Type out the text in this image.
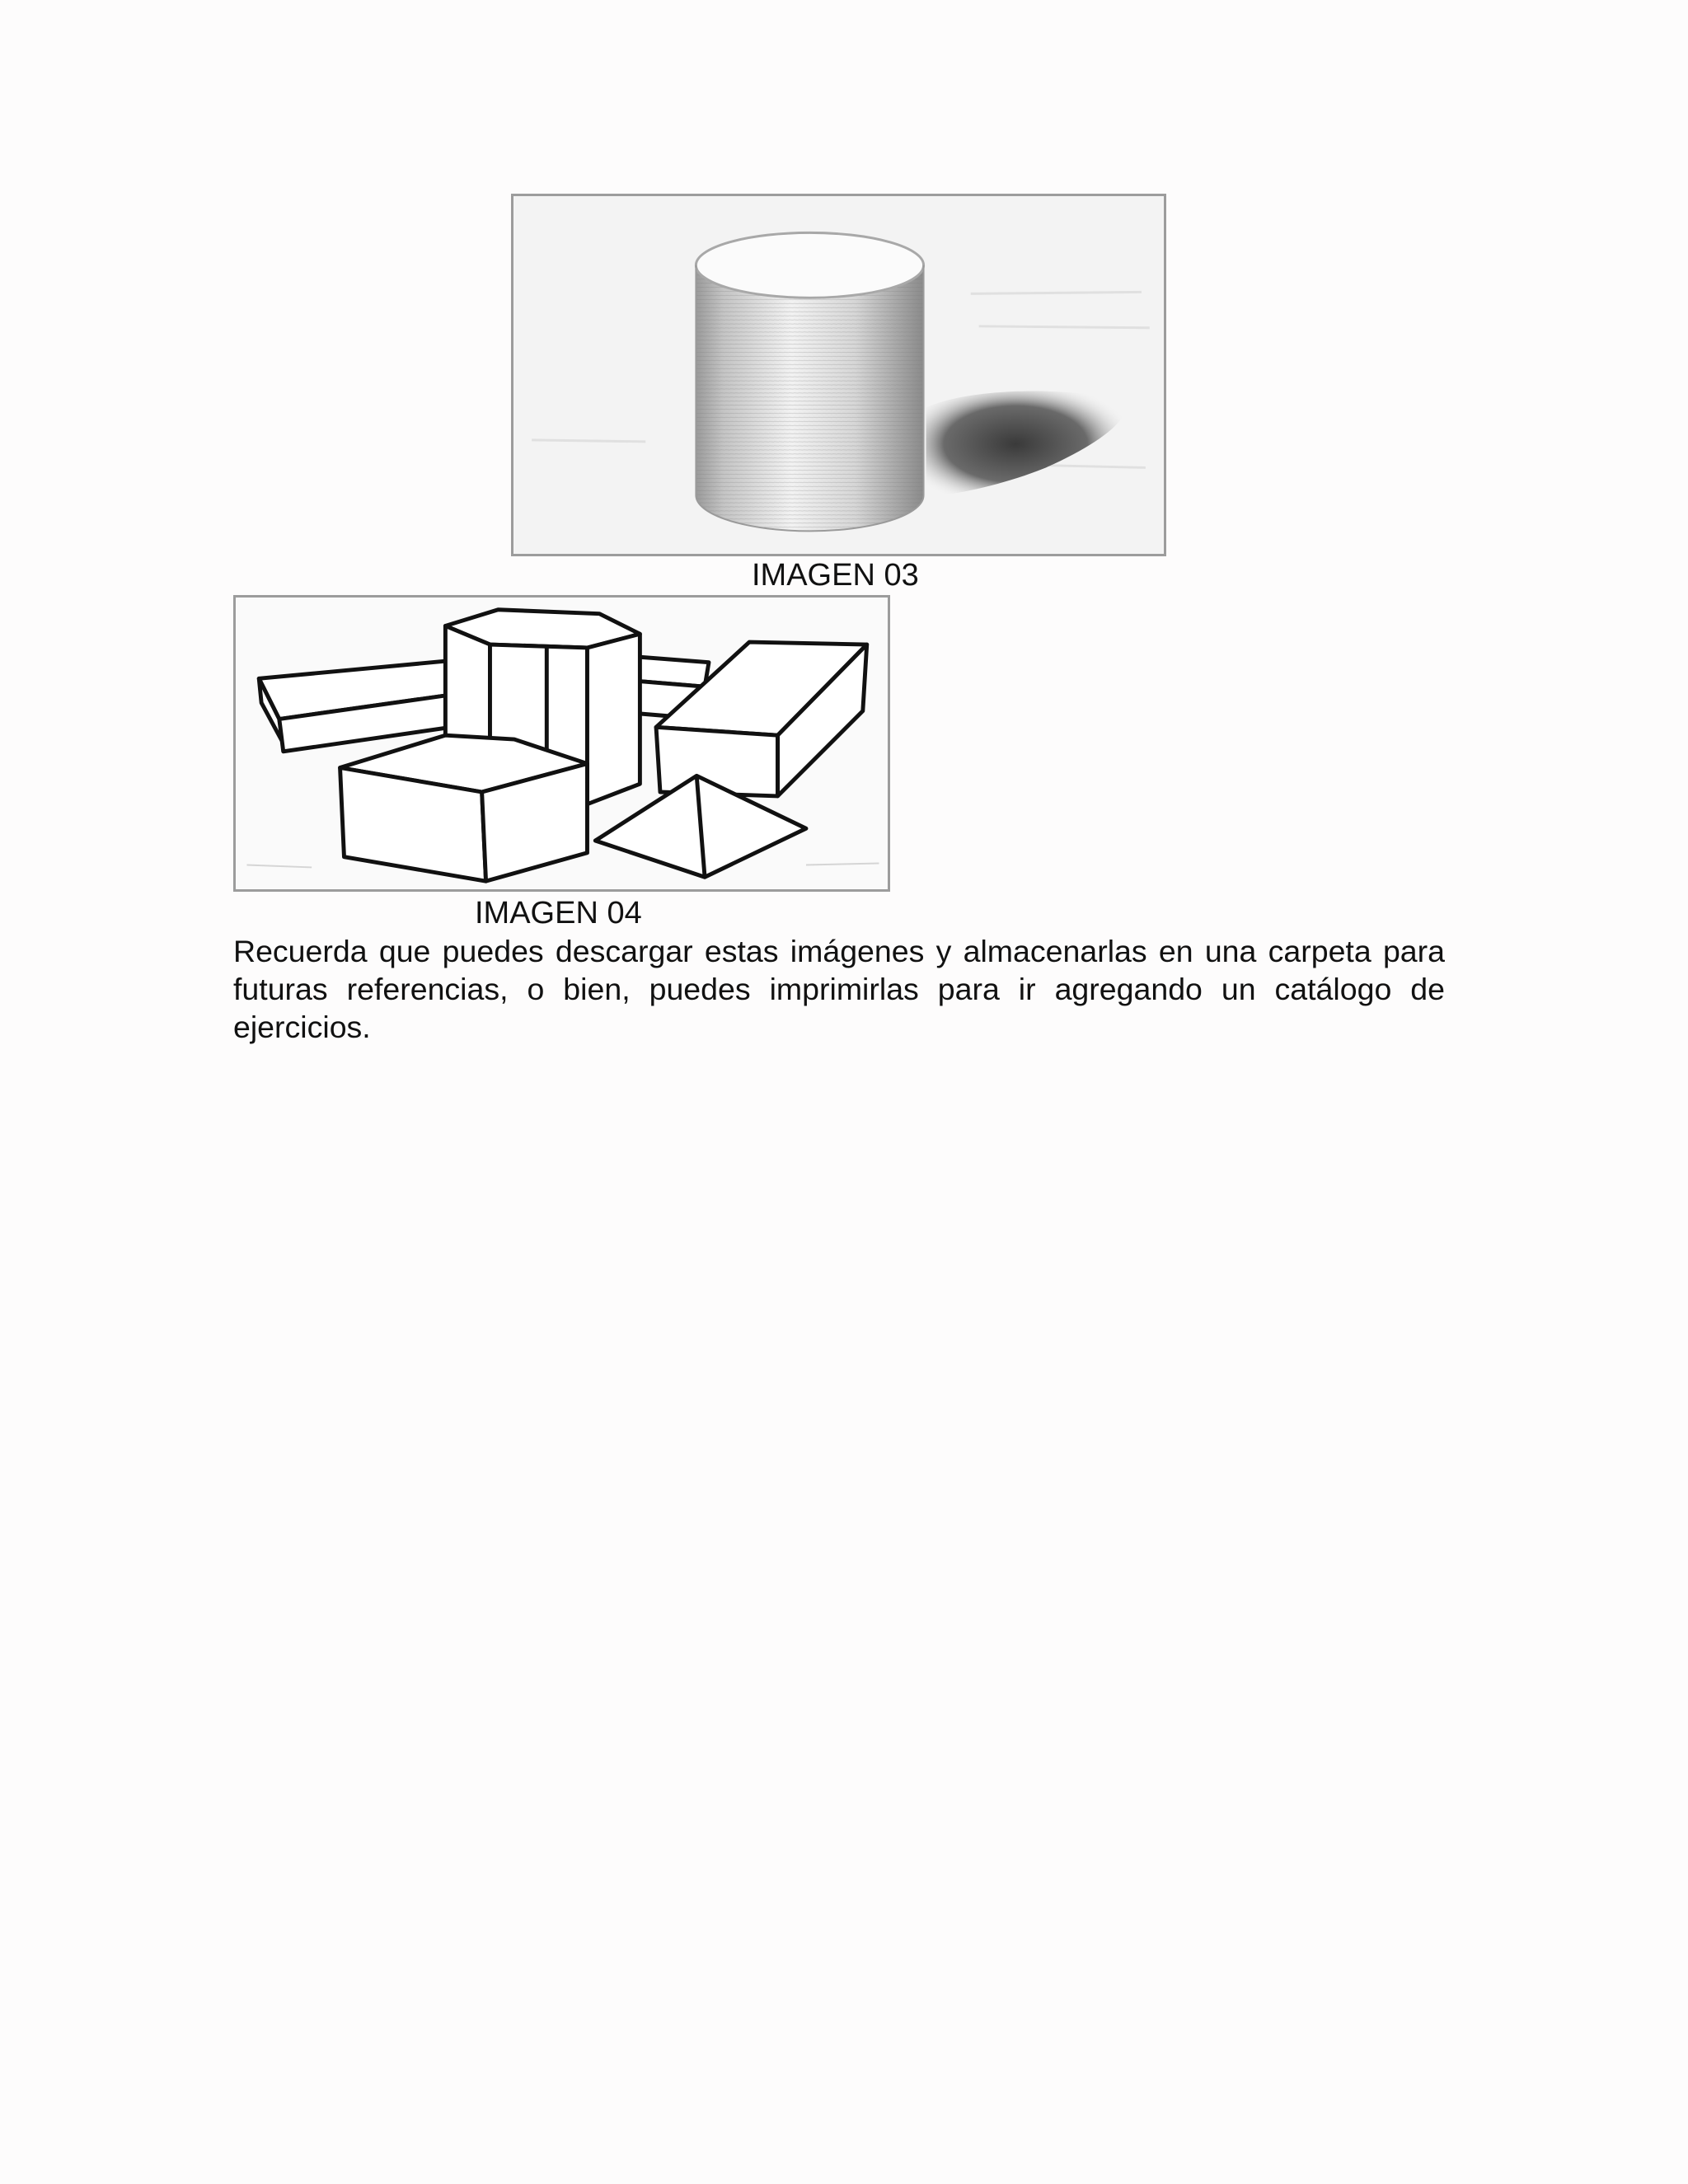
IMAGEN 03
IMAGEN 04

Recuerda que puedes descargar estas imágenes y almacenarlas en una carpeta para futuras referencias, o bien, puedes imprimirlas para ir agregando un catálogo de ejercicios.
